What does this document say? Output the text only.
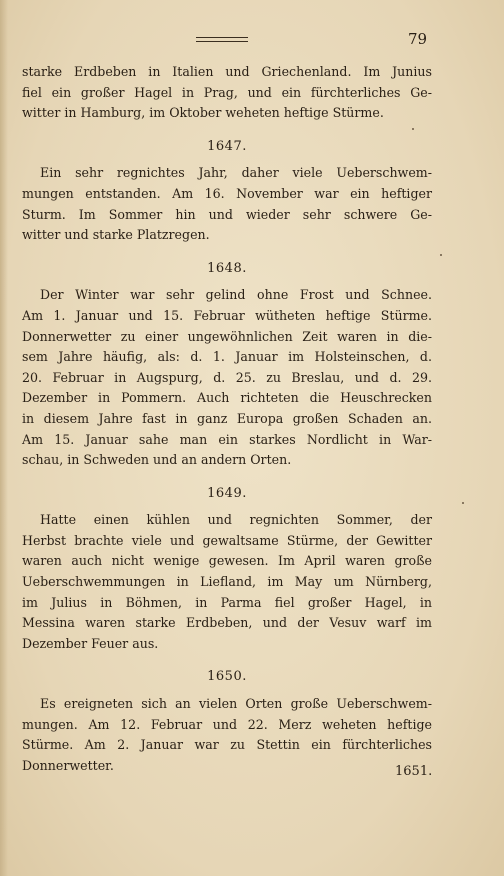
79
starke Erdbeben in Italien und Griechenland. Im Junius
fiel ein großer Hagel in Prag, und ein fürchterliches Ge-
witter in Hamburg, im Oktober weheten heftige Stürme.
1647.
Ein sehr regnichtes Jahr, daher viele Ueberschwem-
mungen entstanden. Am 16. November war ein heftiger
Sturm. Im Sommer hin und wieder sehr schwere Ge-
witter und starke Platzregen.
1648.
Der Winter war sehr gelind ohne Frost und Schnee.
Am 1. Januar und 15. Februar wütheten heftige Stürme.
Donnerwetter zu einer ungewöhnlichen Zeit waren in die-
sem Jahre häufig, als: d. 1. Januar im Holsteinschen, d.
20. Februar in Augspurg, d. 25. zu Breslau, und d. 29.
Dezember in Pommern. Auch richteten die Heuschrecken
in diesem Jahre fast in ganz Europa großen Schaden an.
Am 15. Januar sahe man ein starkes Nordlicht in War-
schau, in Schweden und an andern Orten.
1649.
Hatte einen kühlen und regnichten Sommer, der
Herbst brachte viele und gewaltsame Stürme, der Gewitter
waren auch nicht wenige gewesen. Im April waren große
Ueberschwemmungen in Liefland, im May um Nürnberg,
im Julius in Böhmen, in Parma fiel großer Hagel, in
Messina waren starke Erdbeben, und der Vesuv warf im
Dezember Feuer aus.
1650.
Es ereigneten sich an vielen Orten große Ueberschwem-
mungen. Am 12. Februar und 22. Merz weheten heftige
Stürme. Am 2. Januar war zu Stettin ein fürchterliches
Donnerwetter.	1651.
